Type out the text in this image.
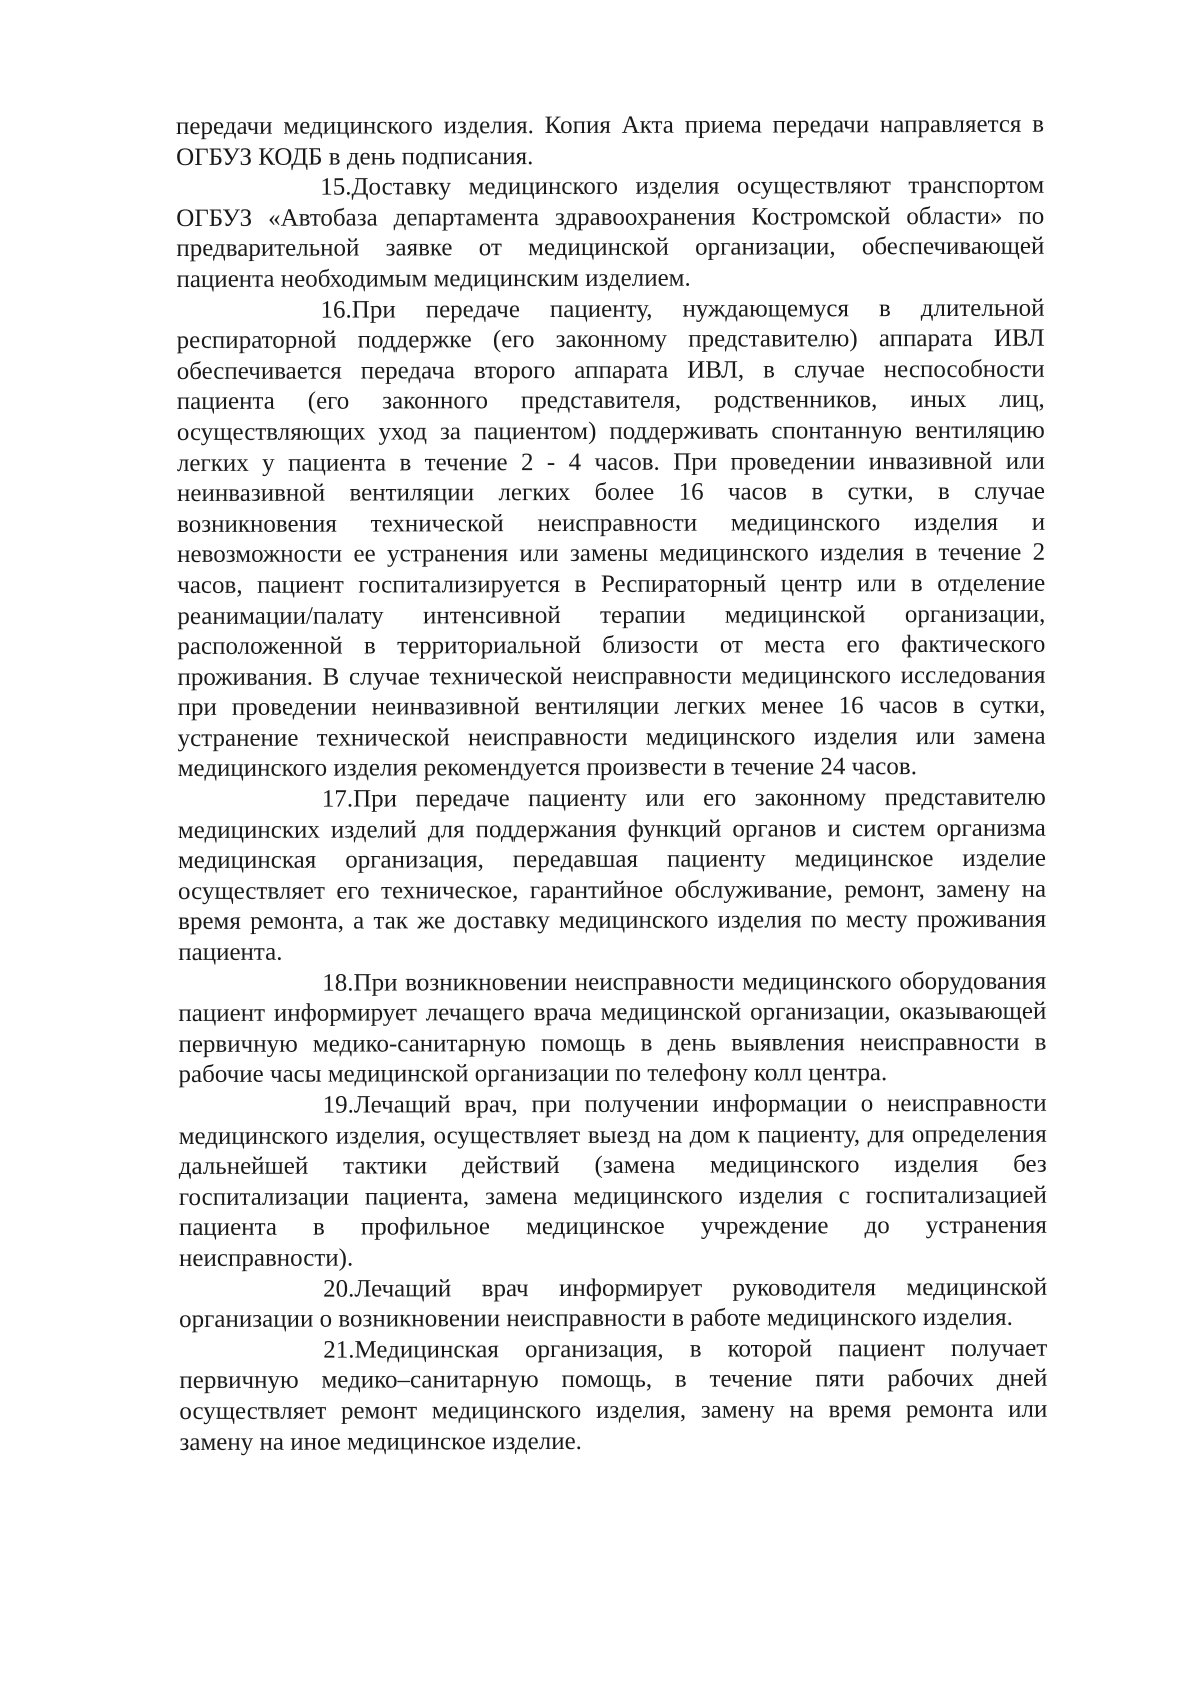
передачи медицинского изделия. Копия Акта приема передачи направляется в ОГБУЗ КОДБ в день подписания.

15.Доставку медицинского изделия осуществляют транспортом ОГБУЗ «Автобаза департамента здравоохранения Костромской области» по предварительной заявке от медицинской организации, обеспечивающей пациента необходимым медицинским изделием.

16.При передаче пациенту, нуждающемуся в длительной респираторной поддержке (его законному представителю) аппарата ИВЛ обеспечивается передача второго аппарата ИВЛ, в случае неспособности пациента (его законного представителя, родственников, иных лиц, осуществляющих уход за пациентом) поддерживать спонтанную вентиляцию легких у пациента в течение 2 - 4 часов. При проведении инвазивной или неинвазивной вентиляции легких более 16 часов в сутки, в случае возникновения технической неисправности медицинского изделия и невозможности ее устранения или замены медицинского изделия в течение 2 часов, пациент госпитализируется в Респираторный центр или в отделение реанимации/палату интенсивной терапии медицинской организации, расположенной в территориальной близости от места его фактического проживания. В случае технической неисправности медицинского исследования при проведении неинвазивной вентиляции легких менее 16 часов в сутки, устранение технической неисправности медицинского изделия или замена медицинского изделия рекомендуется произвести в течение 24 часов.

17.При передаче пациенту или его законному представителю медицинских изделий для поддержания функций органов и систем организма медицинская организация, передавшая пациенту медицинское изделие осуществляет его техническое, гарантийное обслуживание, ремонт, замену на время ремонта, а так же доставку медицинского изделия по месту проживания пациента.

18.При возникновении неисправности медицинского оборудования пациент информирует лечащего врача медицинской организации, оказывающей первичную медико-санитарную помощь в день выявления неисправности в рабочие часы медицинской организации по телефону колл центра.

19.Лечащий врач, при получении информации о неисправности медицинского изделия, осуществляет выезд на дом к пациенту, для определения дальнейшей тактики действий (замена медицинского изделия без госпитализации пациента, замена медицинского изделия с госпитализацией пациента в профильное медицинское учреждение до устранения неисправности).

20.Лечащий врач информирует руководителя медицинской организации о возникновении неисправности в работе медицинского изделия.

21.Медицинская организация, в которой пациент получает первичную медико–санитарную помощь, в течение пяти рабочих дней осуществляет ремонт медицинского изделия, замену на время ремонта или замену на иное медицинское изделие.
